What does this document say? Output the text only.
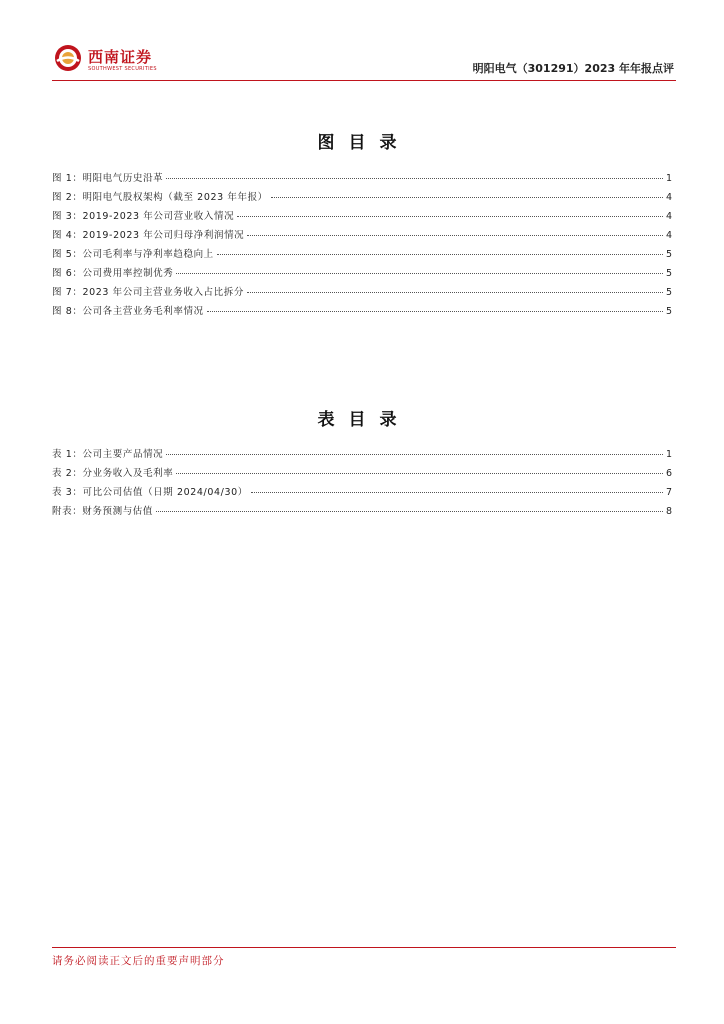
西南证券
SOUTHWEST SECURITIES	明阳电气（301291）2023 年年报点评
图目录
图 1：明阳电气历史沿革	1
图 2：明阳电气股权架构（截至 2023 年年报）	4
图 3：2019-2023 年公司营业收入情况	4
图 4：2019-2023 年公司归母净利润情况	4
图 5：公司毛利率与净利率趋稳向上	5
图 6：公司费用率控制优秀	5
图 7：2023 年公司主营业务收入占比拆分	5
图 8：公司各主营业务毛利率情况	5
表目录
表 1：公司主要产品情况	1
表 2：分业务收入及毛利率	6
表 3：可比公司估值（日期 2024/04/30）	7
附表：财务预测与估值	8
请务必阅读正文后的重要声明部分
